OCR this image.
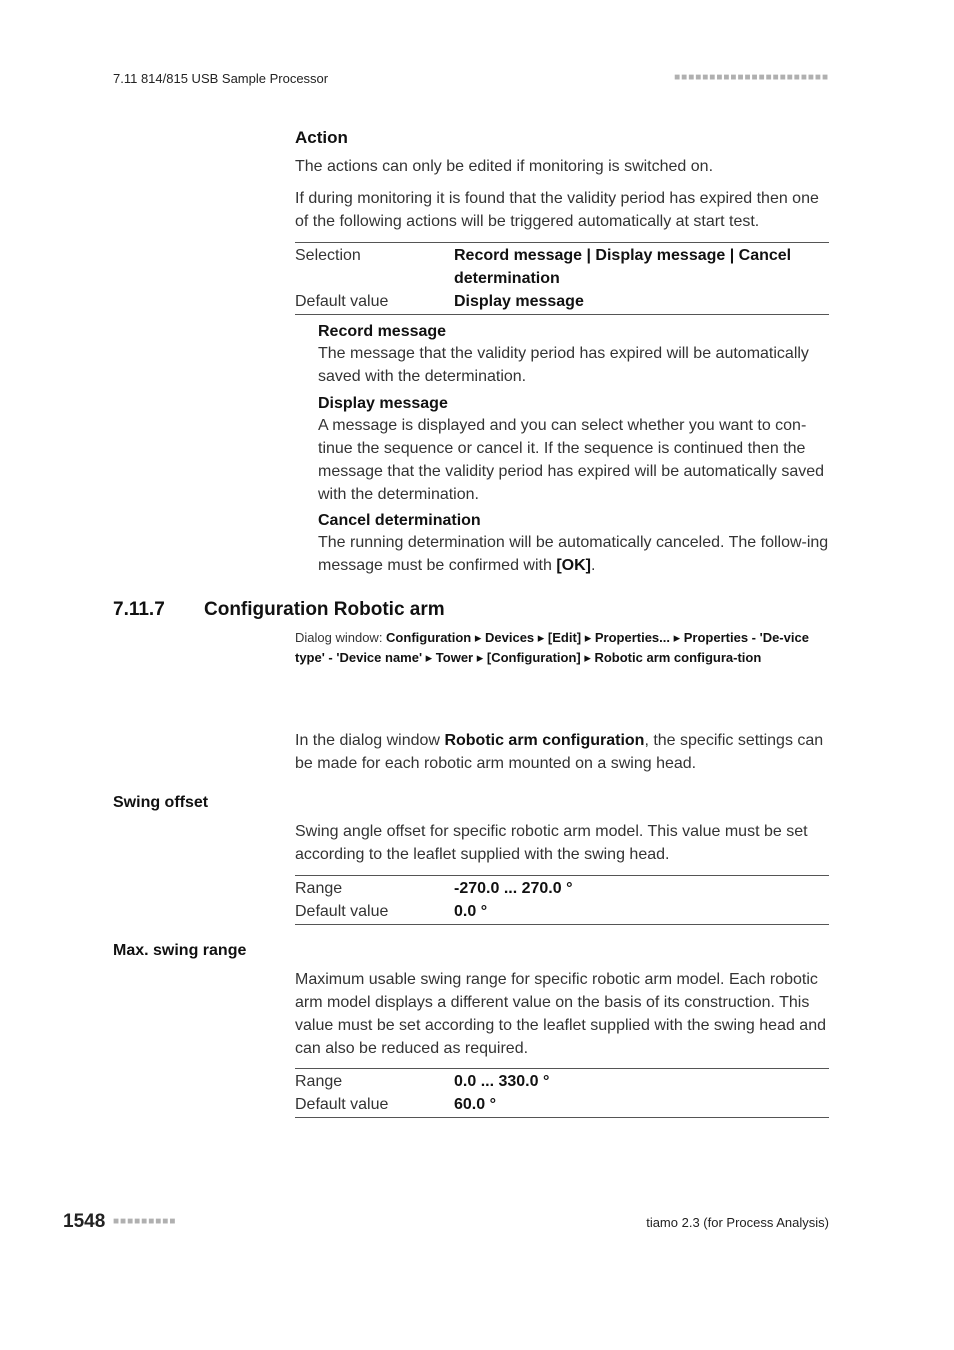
7.11 814/815 USB Sample Processor	■■■■■■■■■■■■■■■■■■■■■■
Action

The actions can only be edited if monitoring is switched on.

If during monitoring it is found that the validity period has expired then one of the following actions will be triggered automatically at start test.

Selection	Record message | Display message | Cancel
determination

Default value	Display message
Record message

The message that the validity period has expired will be automatically saved with the determination.

Display message

A message is displayed and you can select whether you want to con-tinue the sequence or cancel it. If the sequence is continued then the message that the validity period has expired will be automatically saved with the determination.

Cancel determination

The running determination will be automatically canceled. The follow-ing message must be confirmed with [OK].

7.11.7 Configuration Robotic arm
Dialog window: Configuration ▸ Devices ▸ [Edit] ▸ Properties... ▸ Properties - 'De-vice type' - 'Device name' ▸ Tower ▸ [Configuration] ▸ Robotic arm configura-tion

In the dialog window Robotic arm configuration, the specific settings can be made for each robotic arm mounted on a swing head.

Swing offset

Swing angle offset for specific robotic arm model. This value must be set according to the leaflet supplied with the swing head.

Range	-270.0 ... 270.0 °
Default value	0.0 °
Max. swing range

Maximum usable swing range for specific robotic arm model. Each robotic arm model displays a different value on the basis of its construction. This value must be set according to the leaflet supplied with the swing head and can also be reduced as required.

Range	0.0 ... 330.0 °
Default value	60.0 °
1548 ■■■■■■■■■	tiamo 2.3 (for Process Analysis)
